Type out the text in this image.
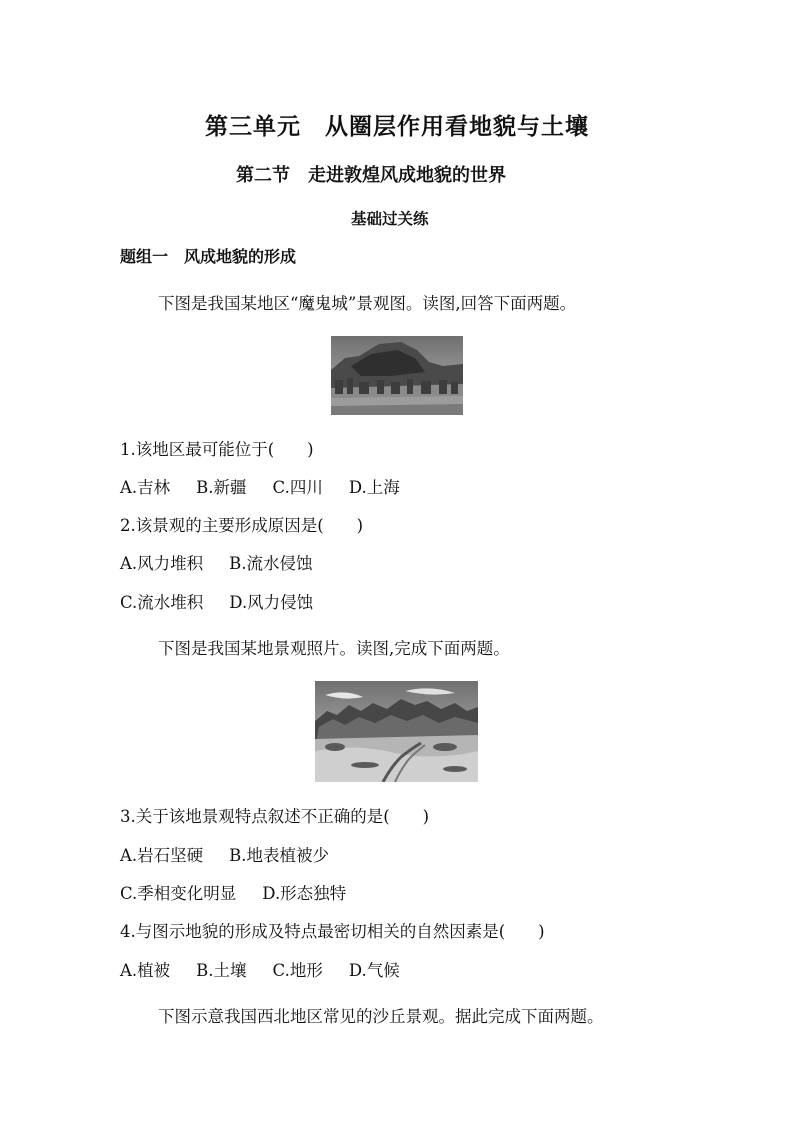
第三单元　从圈层作用看地貌与土壤
第二节　走进敦煌风成地貌的世界
基础过关练
题组一　风成地貌的形成
下图是我国某地区“魔鬼城”景观图。读图,回答下面两题。
1.该地区最可能位于(　　)
A.吉林 B.新疆 C.四川 D.上海
2.该景观的主要形成原因是(　　)
A.风力堆积 B.流水侵蚀
C.流水堆积 D.风力侵蚀
下图是我国某地景观照片。读图,完成下面两题。
3.关于该地景观特点叙述不正确的是(　　)
A.岩石坚硬 B.地表植被少
C.季相变化明显 D.形态独特
4.与图示地貌的形成及特点最密切相关的自然因素是(　　)
A.植被 B.土壤 C.地形 D.气候
下图示意我国西北地区常见的沙丘景观。据此完成下面两题。
